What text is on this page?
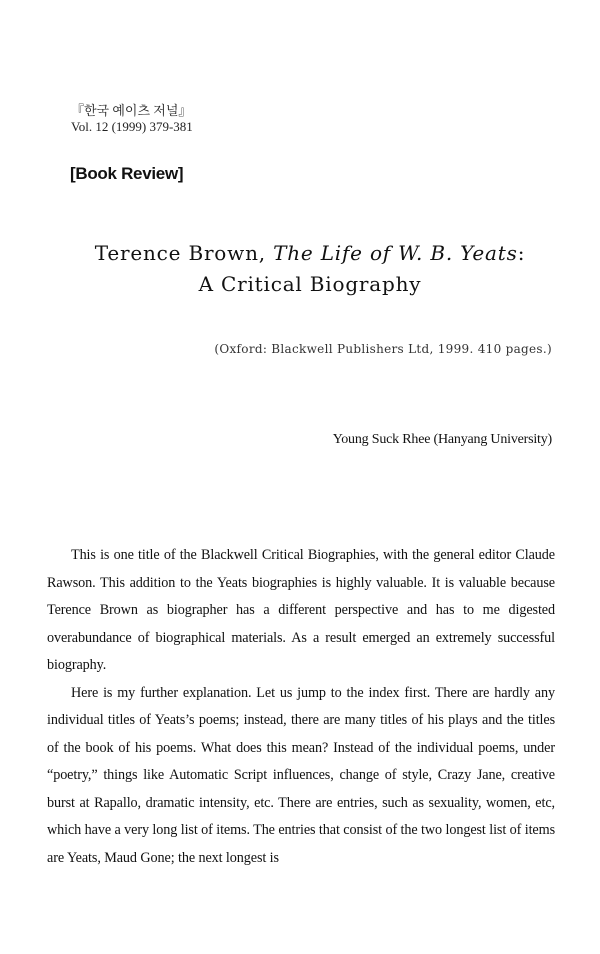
『한국 예이츠 저널』
Vol. 12 (1999) 379-381
[Book Review]
Terence Brown, The Life of W. B. Yeats:
A Critical Biography
(Oxford: Blackwell Publishers Ltd, 1999. 410 pages.)
Young Suck Rhee (Hanyang University)

This is one title of the Blackwell Critical Biographies, with the general editor Claude Rawson. This addition to the Yeats biographies is highly valuable. It is valuable because Terence Brown as biographer has a different perspective and has to me digested overabundance of biographical materials. As a result emerged an extremely successful biography.

Here is my further explanation. Let us jump to the index first. There are hardly any individual titles of Yeats’s poems; instead, there are many titles of his plays and the titles of the book of his poems. What does this mean? Instead of the individual poems, under “poetry,” things like Automatic Script influences, change of style, Crazy Jane, creative burst at Rapallo, dramatic intensity, etc. There are entries, such as sexuality, women, etc, which have a very long list of items. The entries that consist of the two longest list of items are Yeats, Maud Gone; the next longest is
